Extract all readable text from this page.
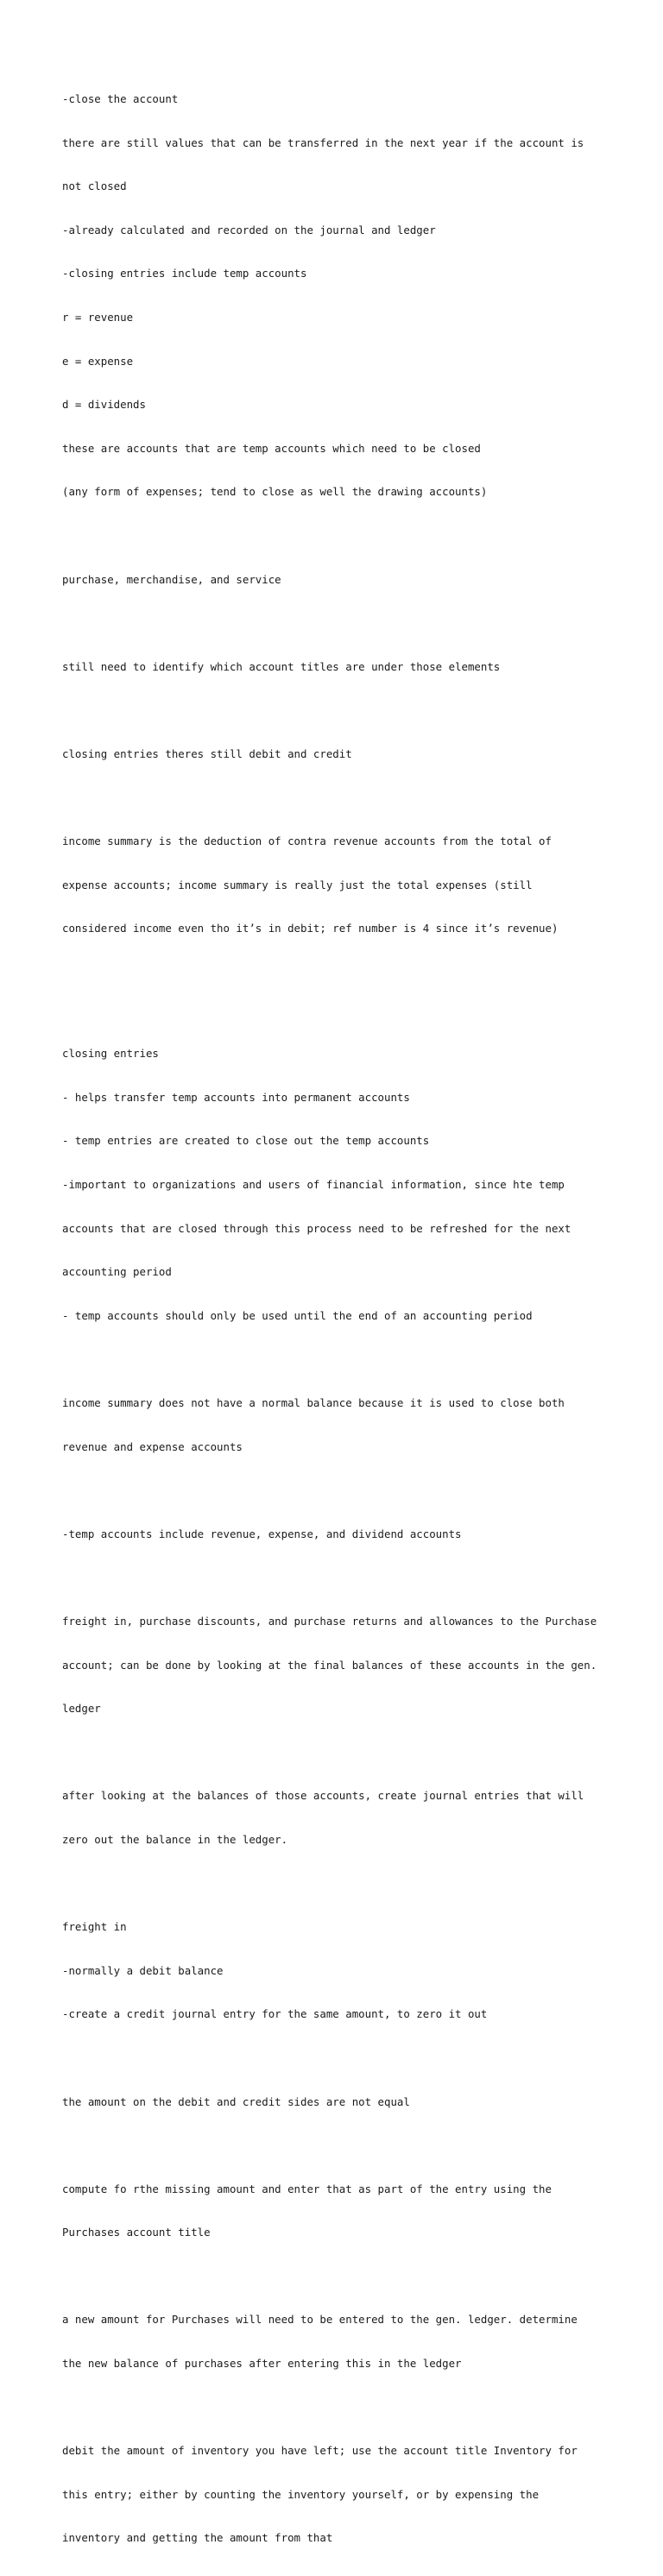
-close the account

there are still values that can be transferred in the next year if the account is

not closed

-already calculated and recorded on the journal and ledger

-closing entries include temp accounts

r = revenue

e = expense

d = dividends

these are accounts that are temp accounts which need to be closed

(any form of expenses; tend to close as well the drawing accounts)

purchase, merchandise, and service

still need to identify which account titles are under those elements

closing entries theres still debit and credit

income summary is the deduction of contra revenue accounts from the total of

expense accounts; income summary is really just the total expenses (still

considered income even tho it’s in debit; ref number is 4 since it’s revenue)

closing entries

- helps transfer temp accounts into permanent accounts

- temp entries are created to close out the temp accounts

-important to organizations and users of financial information, since hte temp

accounts that are closed through this process need to be refreshed for the next

accounting period

- temp accounts should only be used until the end of an accounting period

income summary does not have a normal balance because it is used to close both

revenue and expense accounts

-temp accounts include revenue, expense, and dividend accounts

freight in, purchase discounts, and purchase returns and allowances to the Purchase

account; can be done by looking at the final balances of these accounts in the gen.

ledger

after looking at the balances of those accounts, create journal entries that will

zero out the balance in the ledger.

freight in

-normally a debit balance

-create a credit journal entry for the same amount, to zero it out

the amount on the debit and credit sides are not equal

compute fo rthe missing amount and enter that as part of the entry using the

Purchases account title

a new amount for Purchases will need to be entered to the gen. ledger. determine

the new balance of purchases after entering this in the ledger

debit the amount of inventory you have left; use the account title Inventory for

this entry; either by counting the inventory yourself, or by expensing the

inventory and getting the amount from that
